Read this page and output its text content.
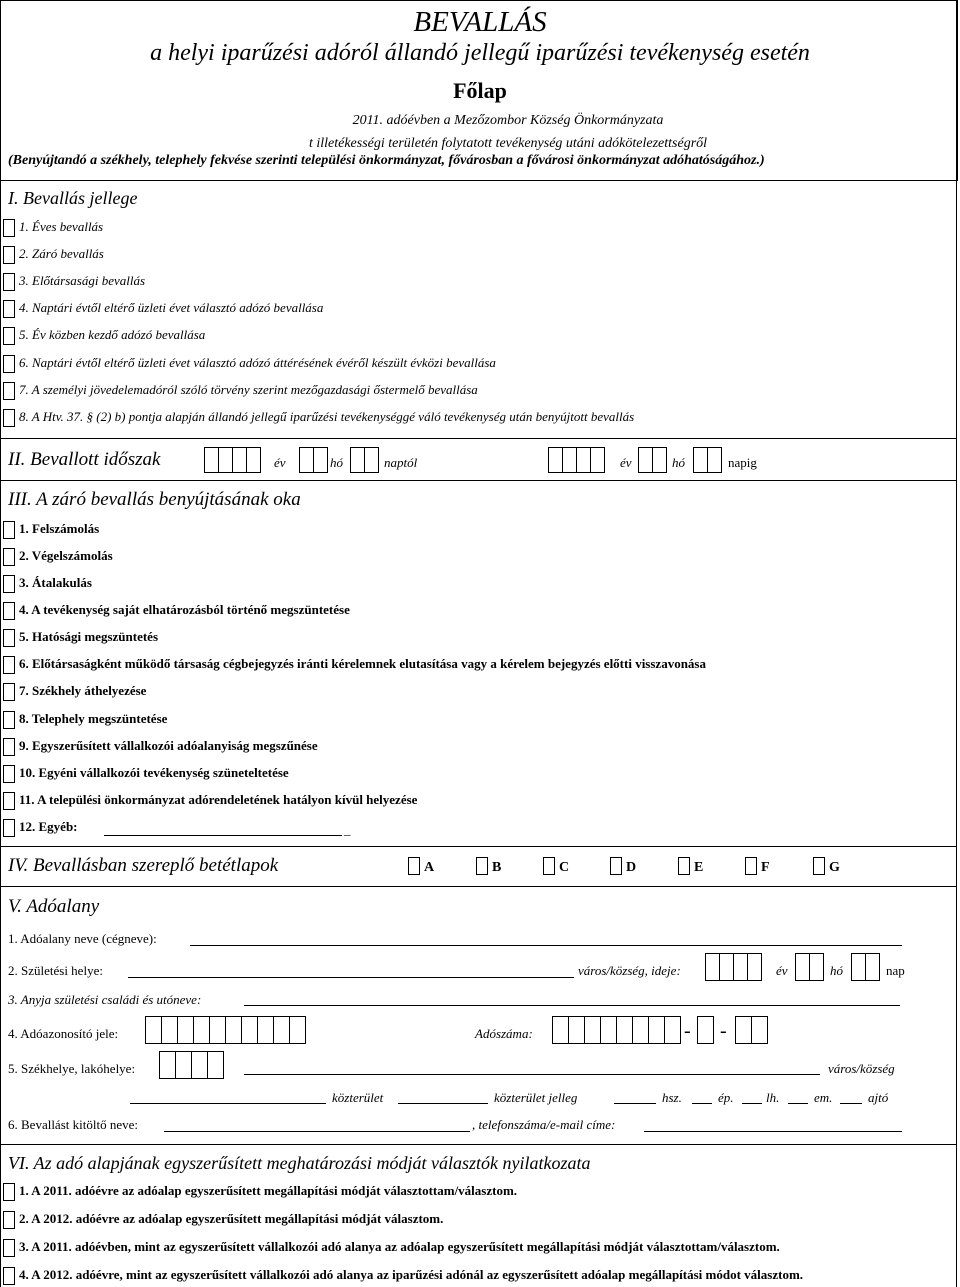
BEVALLÁS
a helyi iparűzési adóról állandó jellegű iparűzési tevékenység esetén
Főlap
2011. adóévben a Mezőzombor Község Önkormányzata
t illetékességi területén folytatott tevékenység utáni adókötelezettségről
(Benyújtandó a székhely, telephely fekvése szerinti települési önkormányzat, fővárosban a fővárosi önkormányzat adóhatóságához.)
I. Bevallás jellege
1. Éves bevallás
2. Záró bevallás
3. Előtársasági bevallás
4. Naptári évtől eltérő üzleti évet választó adózó bevallása
5. Év közben kezdő adózó bevallása
6. Naptári évtől eltérő üzleti évet választó adózó áttérésének évéről készült évközi bevallása
7. A személyi jövedelemadóról szóló törvény szerint mezőgazdasági őstermelő bevallása
8. A Htv. 37. § (2) b) pontja alapján állandó jellegű iparűzési tevékenységgé váló tevékenység után benyújtott bevallás
II. Bevallott időszak	év	hó	naptól	év	hó	napig
III. A záró bevallás benyújtásának oka
1. Felszámolás
2. Végelszámolás
3. Átalakulás
4. A tevékenység saját elhatározásból történő megszüntetése
5. Hatósági megszüntetés
6. Előtársaságként működő társaság cégbejegyzés iránti kérelemnek elutasítása vagy a kérelem bejegyzés előtti visszavonása
7. Székhely áthelyezése
8. Telephely megszüntetése
9. Egyszerűsített vállalkozói adóalanyiság megszűnése
10. Egyéni vállalkozói tevékenység szüneteltetése
11. A települési önkormányzat adórendeletének hatályon kívül helyezése
12. Egyéb:	_
IV. Bevallásban szereplő betétlapok	A	B	C	D	E	F	G
V. Adóalany
1. Adóalany neve (cégneve):
2. Születési helye:	város/község, ideje:	év	hó	nap
3. Anyja születési családi és utóneve:
4. Adóazonosító jele:	Adószáma:	- -
5. Székhelye, lakóhelye:	város/község
közterület	közterület jelleg	hsz.	ép. lh.	em.	ajtó
6. Bevallást kitöltő neve:	, telefonszáma/e-mail címe:
VI. Az adó alapjának egyszerűsített meghatározási módját választók nyilatkozata
1. A 2011. adóévre az adóalap egyszerűsített megállapítási módját választottam/választom.
2. A 2012. adóévre az adóalap egyszerűsített megállapítási módját választom.
3. A 2011. adóévben, mint az egyszerűsített vállalkozói adó alanya az adóalap egyszerűsített megállapítási módját választottam/választom.
4. A 2012. adóévre, mint az egyszerűsített vállalkozói adó alanya az iparűzési adónál az egyszerűsített adóalap megállapítási módot választom.
